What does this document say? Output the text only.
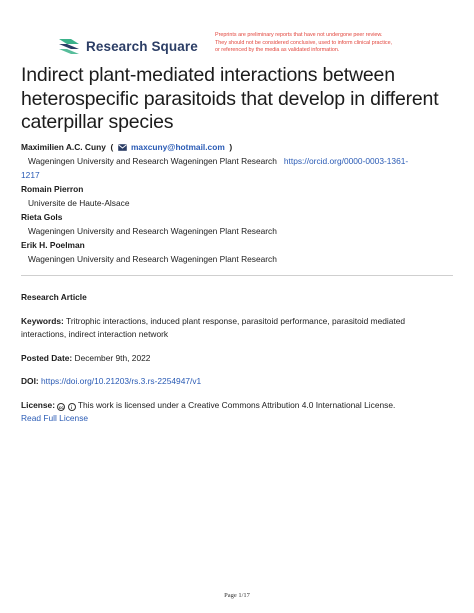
Research Square
Preprints are preliminary reports that have not undergone peer review.
They should not be considered conclusive, used to inform clinical practice,
or referenced by the media as validated information.
Indirect plant-mediated interactions between
heterospecific parasitoids that develop in different
caterpillar species
Maximilien A.C. Cuny  ( maxcuny@hotmail.com  )
Wageningen University and Research Wageningen Plant Research https://orcid.org/0000-0003-1361-
1217
Romain Pierron
Universite de Haute-Alsace
Rieta Gols
Wageningen University and Research Wageningen Plant Research
Erik H. Poelman
Wageningen University and Research Wageningen Plant Research
Research Article
Keywords: Tritrophic interactions, induced plant response, parasitoid performance, parasitoid mediated
interactions, indirect interaction network
Posted Date: December 9th, 2022
DOI: https://doi.org/10.21203/rs.3.rs-2254947/v1
License: cc i This work is licensed under a Creative Commons Attribution 4.0 International License.
Read Full License
Page 1/17
